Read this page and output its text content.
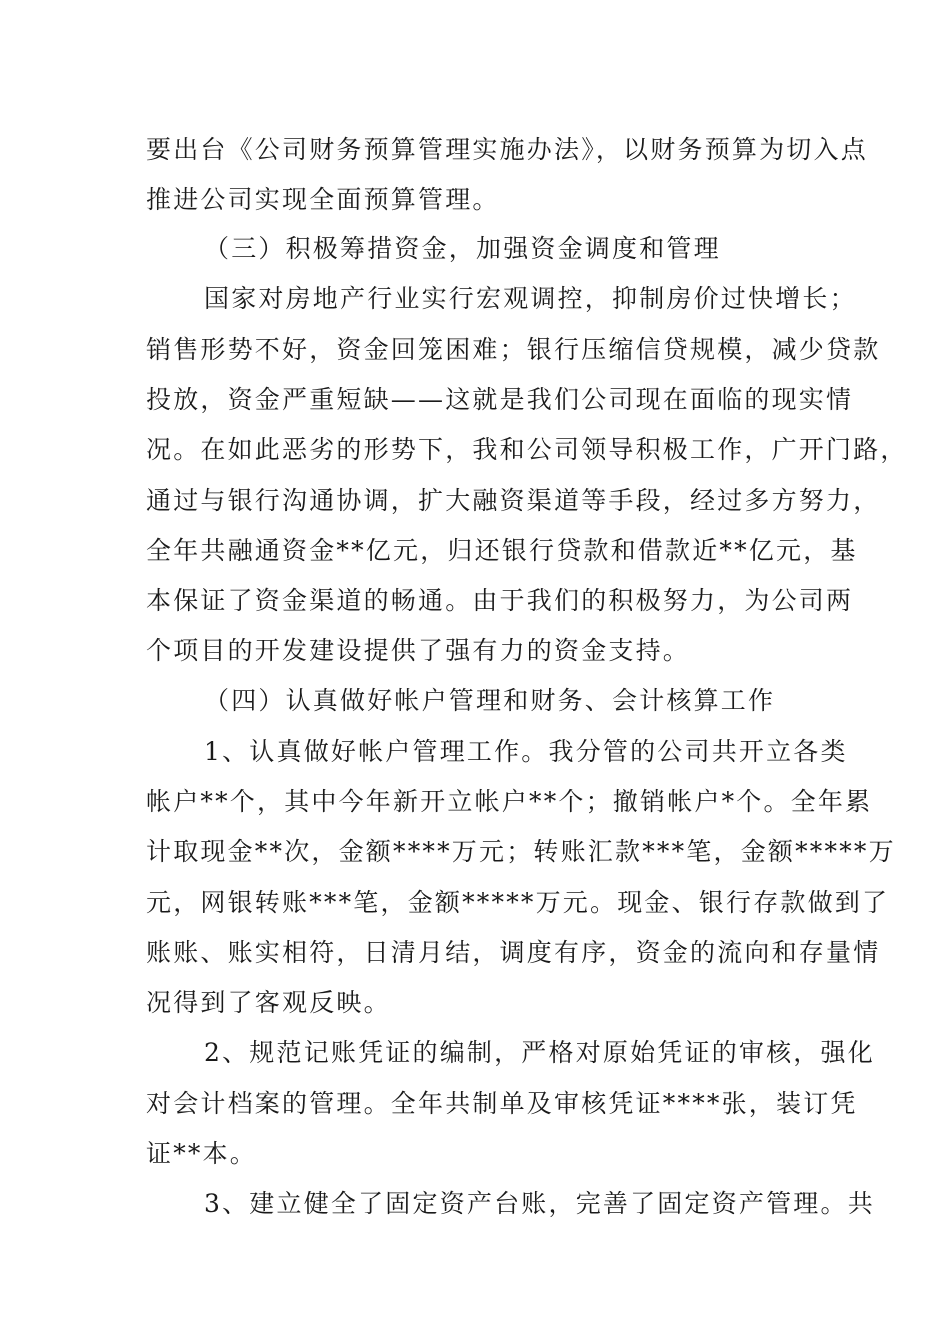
要出台《公司财务预算管理实施办法》，以财务预算为切入点
推进公司实现全面预算管理。
（三）积极筹措资金，加强资金调度和管理
国家对房地产行业实行宏观调控，抑制房价过快增长；
销售形势不好，资金回笼困难；银行压缩信贷规模，减少贷款
投放，资金严重短缺——这就是我们公司现在面临的现实情
况。在如此恶劣的形势下，我和公司领导积极工作，广开门路，
通过与银行沟通协调，扩大融资渠道等手段，经过多方努力，
全年共融通资金**亿元，归还银行贷款和借款近**亿元，基
本保证了资金渠道的畅通。由于我们的积极努力，为公司两
个项目的开发建设提供了强有力的资金支持。
（四）认真做好帐户管理和财务、会计核算工作
1、认真做好帐户管理工作。我分管的公司共开立各类
帐户**个，其中今年新开立帐户**个；撤销帐户*个。全年累
计取现金**次，金额****万元；转账汇款***笔，金额*****万
元，网银转账***笔，金额*****万元。现金、银行存款做到了
账账、账实相符，日清月结，调度有序，资金的流向和存量情
况得到了客观反映。
2、规范记账凭证的编制，严格对原始凭证的审核，强化
对会计档案的管理。全年共制单及审核凭证****张，装订凭
证**本。
3、建立健全了固定资产台账，完善了固定资产管理。共
